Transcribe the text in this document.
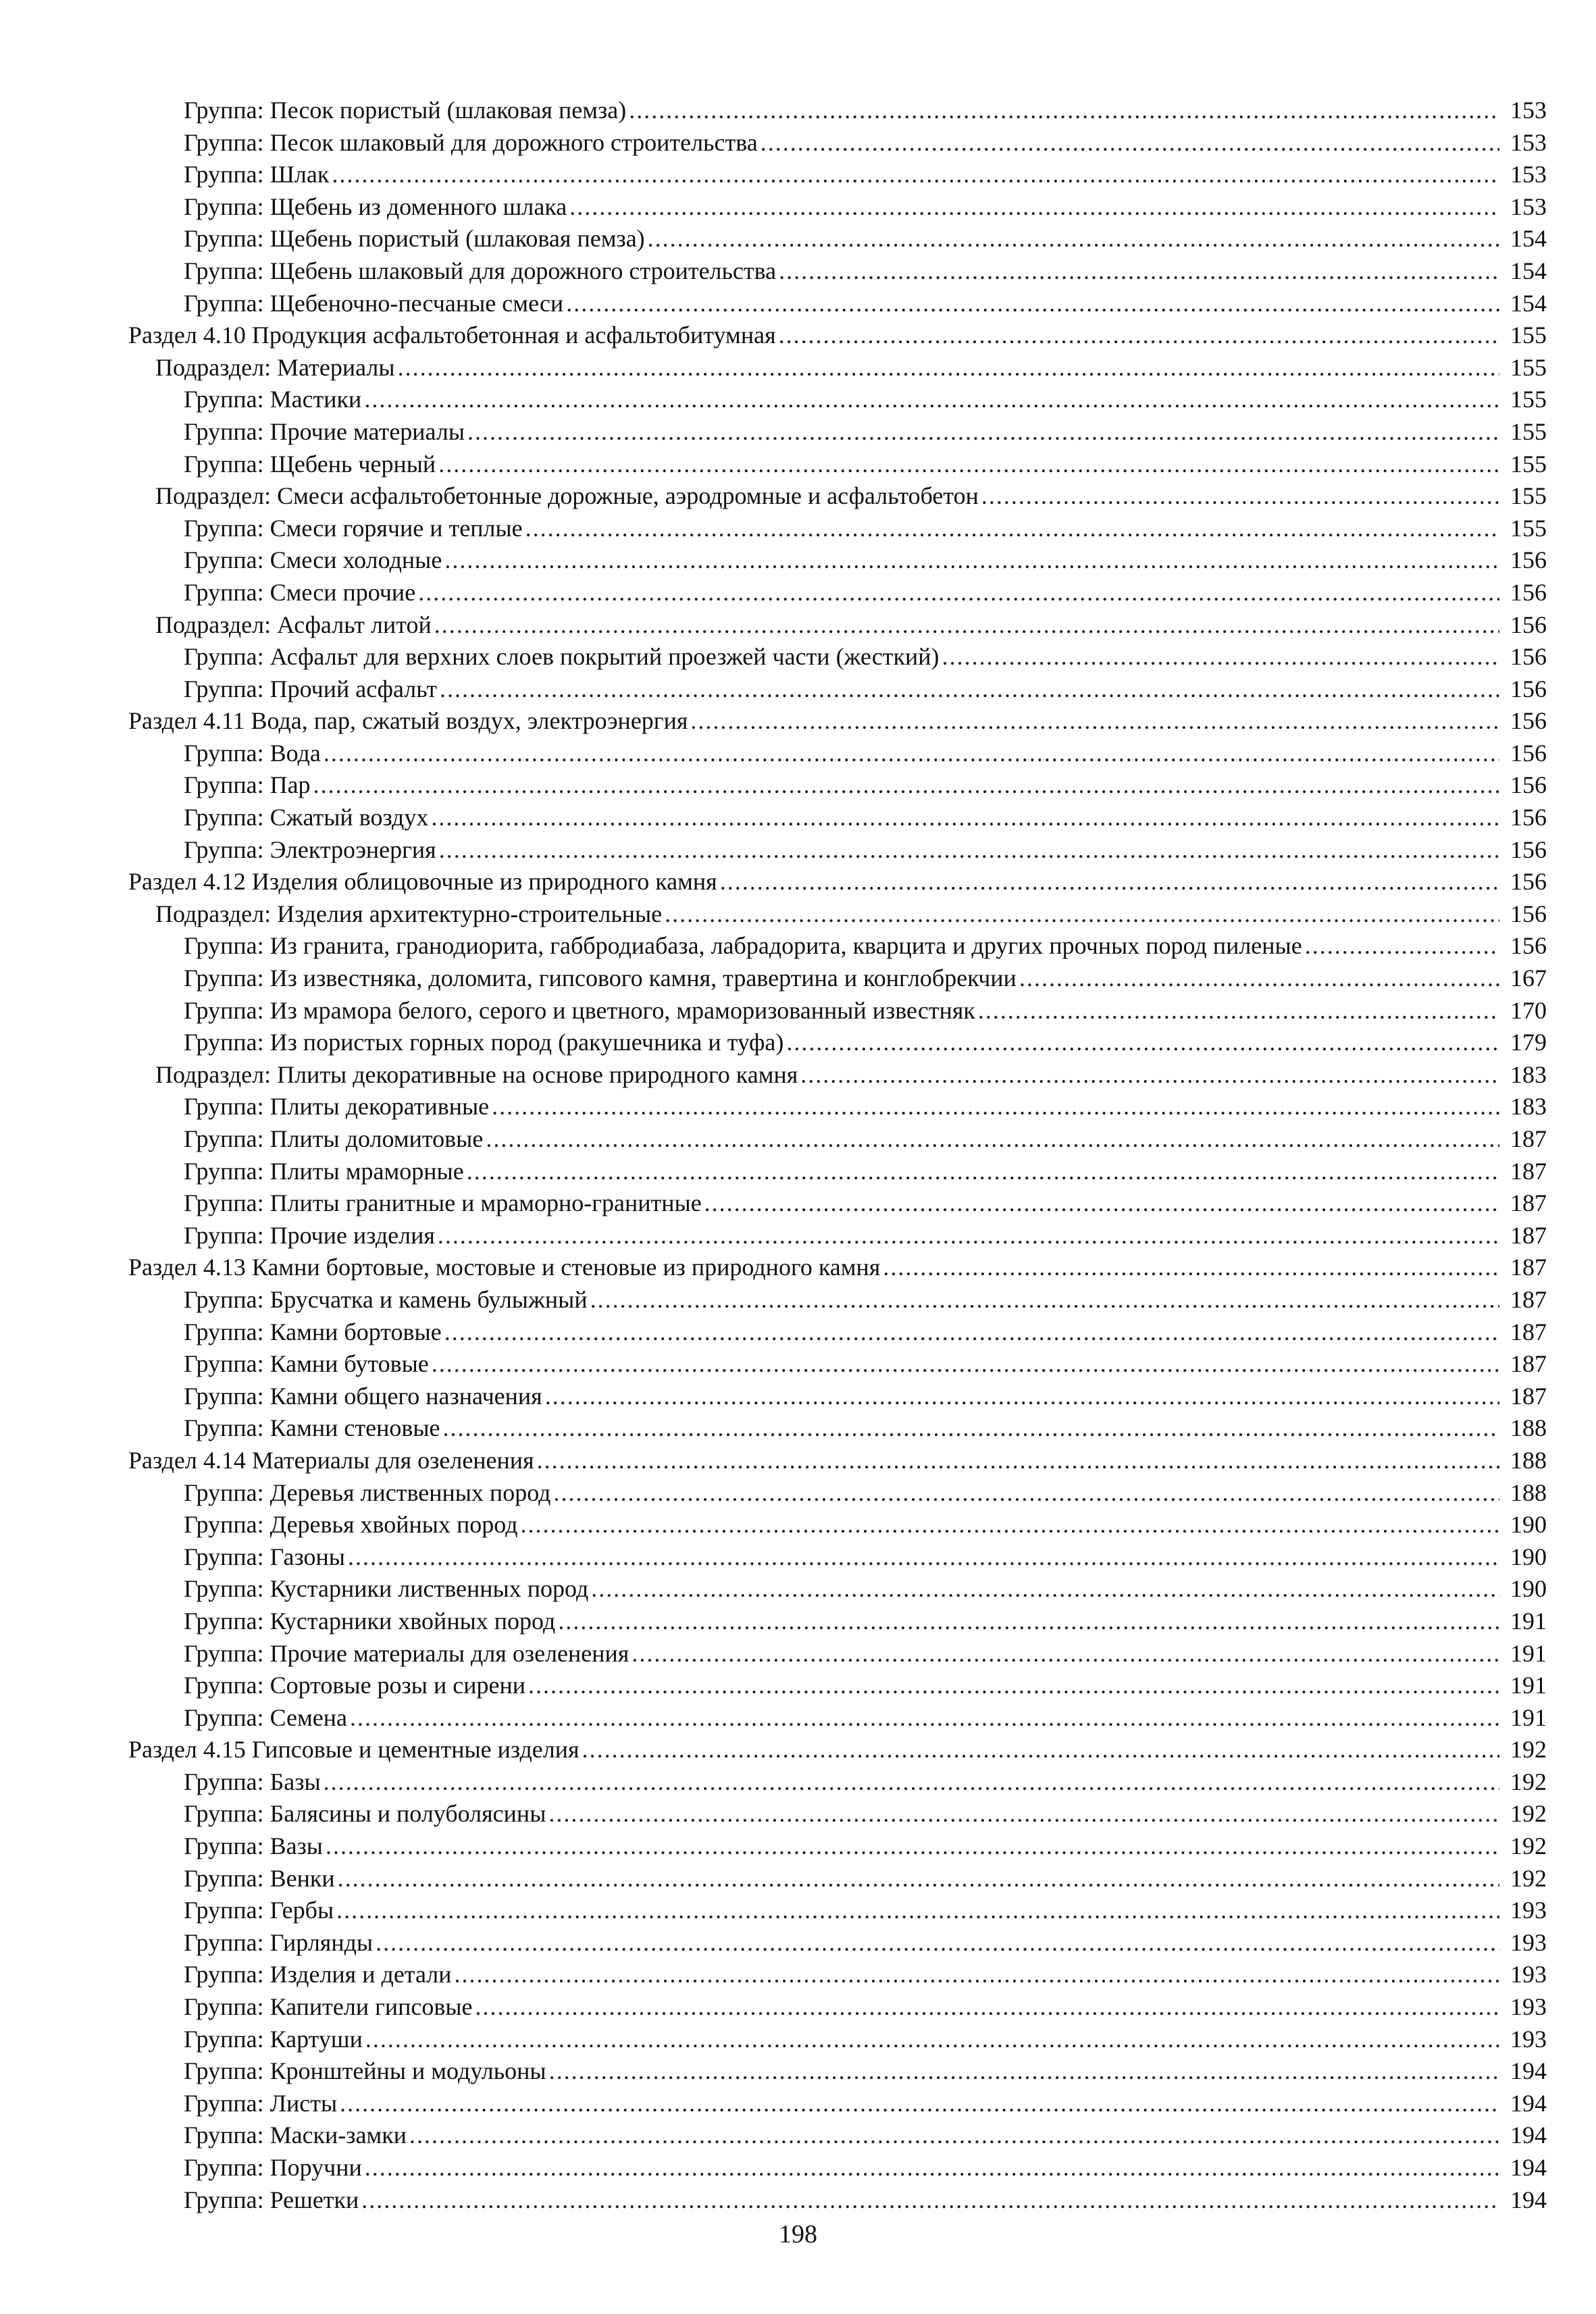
Группа: Песок пористый (шлаковая пемза) .....	153
Группа: Песок шлаковый для дорожного строительства .....	153
Группа: Шлак .....	153
Группа: Щебень из доменного шлака .....	153
Группа: Щебень пористый (шлаковая пемза) .....	154
Группа: Щебень шлаковый для дорожного строительства .....	154
Группа: Щебеночно-песчаные смеси .....	154
Раздел 4.10 Продукция асфальтобетонная и асфальтобитумная .....	155
Подраздел: Материалы .....	155
Группа: Мастики .....	155
Группа: Прочие материалы .....	155
Группа: Щебень черный .....	155
Подраздел: Смеси асфальтобетонные дорожные, аэродромные и асфальтобетон .....	155
Группа: Смеси горячие и теплые .....	155
Группа: Смеси холодные .....	156
Группа: Смеси прочие .....	156
Подраздел: Асфальт литой .....	156
Группа: Асфальт для верхних слоев покрытий проезжей части (жесткий) .....	156
Группа: Прочий асфальт .....	156
Раздел 4.11 Вода, пар, сжатый воздух, электроэнергия .....	156
Группа: Вода .....	156
Группа: Пар .....	156
Группа: Сжатый воздух .....	156
Группа: Электроэнергия .....	156
Раздел 4.12 Изделия облицовочные из природного камня .....	156
Подраздел: Изделия архитектурно-строительные .....	156
Группа: Из гранита, гранодиорита, габбродиабаза, лабрадорита, кварцита и других прочных пород пиленые .....	156
Группа: Из известняка, доломита, гипсового камня, травертина и конглобрекчии .....	167
Группа: Из мрамора белого, серого и цветного, мраморизованный известняк .....	170
Группа: Из пористых горных пород (ракушечника и туфа) .....	179
Подраздел: Плиты декоративные на основе природного камня .....	183
Группа: Плиты декоративные .....	183
Группа: Плиты доломитовые .....	187
Группа: Плиты мраморные .....	187
Группа: Плиты гранитные и мраморно-гранитные .....	187
Группа: Прочие изделия .....	187
Раздел 4.13 Камни бортовые, мостовые и стеновые из природного камня .....	187
Группа: Брусчатка и камень булыжный .....	187
Группа: Камни бортовые .....	187
Группа: Камни бутовые .....	187
Группа: Камни общего назначения .....	187
Группа: Камни стеновые .....	188
Раздел 4.14 Материалы для озеленения .....	188
Группа: Деревья лиственных пород .....	188
Группа: Деревья хвойных пород .....	190
Группа: Газоны .....	190
Группа: Кустарники лиственных пород .....	190
Группа: Кустарники хвойных пород .....	191
Группа: Прочие материалы для озеленения .....	191
Группа: Сортовые розы и сирени .....	191
Группа: Семена .....	191
Раздел 4.15 Гипсовые и цементные изделия .....	192
Группа: Базы .....	192
Группа: Балясины и полуболясины .....	192
Группа: Вазы .....	192
Группа: Венки .....	192
Группа: Гербы .....	193
Группа: Гирлянды .....	193
Группа: Изделия и детали .....	193
Группа: Капители гипсовые .....	193
Группа: Картуши .....	193
Группа: Кронштейны и модульоны .....	194
Группа: Листы .....	194
Группа: Маски-замки .....	194
Группа: Поручни .....	194
Группа: Решетки .....	194
198
